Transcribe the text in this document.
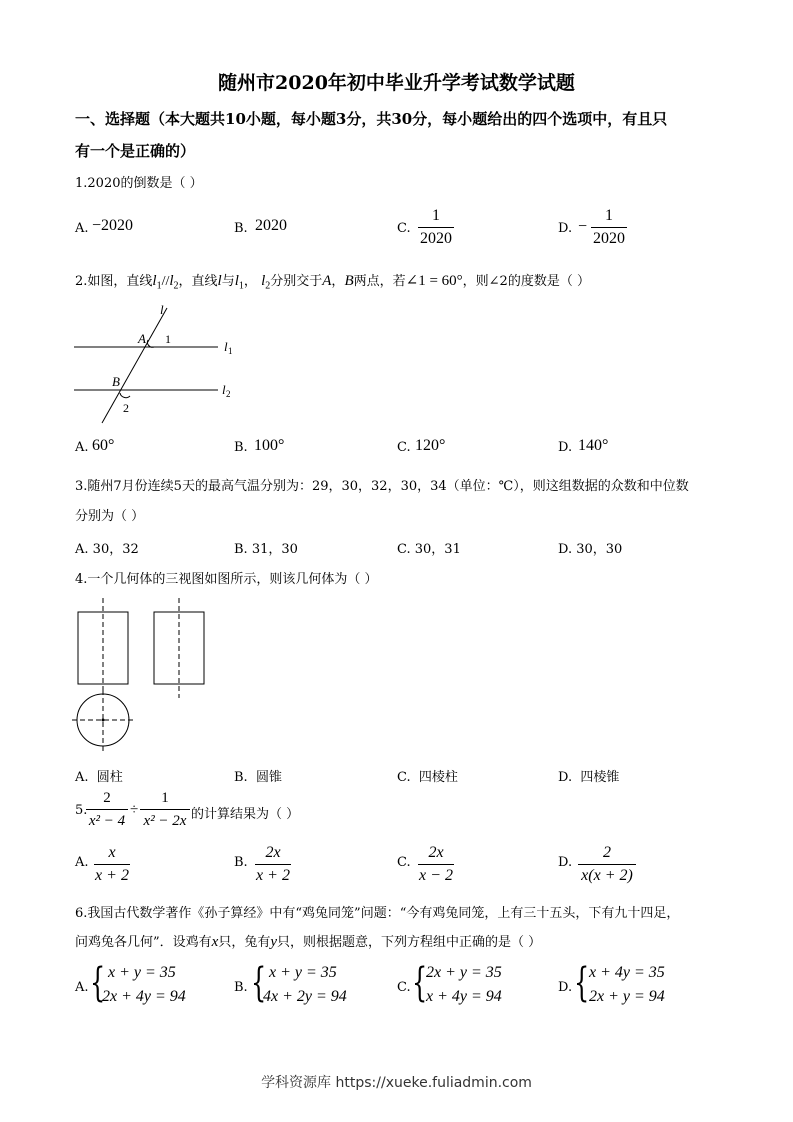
随州市2020年初中毕业升学考试数学试题
一、选择题（本大题共10小题，每小题3分，共30分，每小题给出的四个选项中，有且只
有一个是正确的）
1.2020的倒数是（ ）
A. −2020	B. 2020	C.
1
2020
D. −
1
2020
2.如图，直线$l_1//l_2$，直线l与$l_1$， $l_2$分别交于A，B两点，若∠1 = 60°，则∠2的度数是（ ）
l
A 1	l 1
B
2
l 2
A. 60°	B. 100°	C. 120°	D. 140°
3.随州7月份连续5天的最高气温分别为：29，30，32，30，34（单位：℃），则这组数据的众数和中位数
分别为（ ）
A. 30，32	B. 31，30	C. 30，31	D. 30，30
4.一个几何体的三视图如图所示，则该几何体为（ ）
A. 圆柱	B. 圆锥	C. 四棱柱	D. 四棱锥
5.
2
x² − 4
÷
1
x² − 2x 的计算结果为（ ）
A.
x
x + 2
B.
2x
x + 2
C.
2x
x − 2
D.
2
x(x + 2)
6.我国古代数学著作《孙子算经》中有“鸡兔同笼”问题：“今有鸡兔同笼，上有三十五头，下有九十四足，
问鸡兔各几何”．设鸡有x只，兔有y只，则根据题意，下列方程组中正确的是（ ）
A. { x + y = 35
2x + 4y = 94
B. { x + y = 35
4x + 2y = 94
C. {
2x + y = 35
x + 4y = 94
D. { x + 4y = 35
2x + y = 94
学科资源库 https://xueke.fuliadmin.com
